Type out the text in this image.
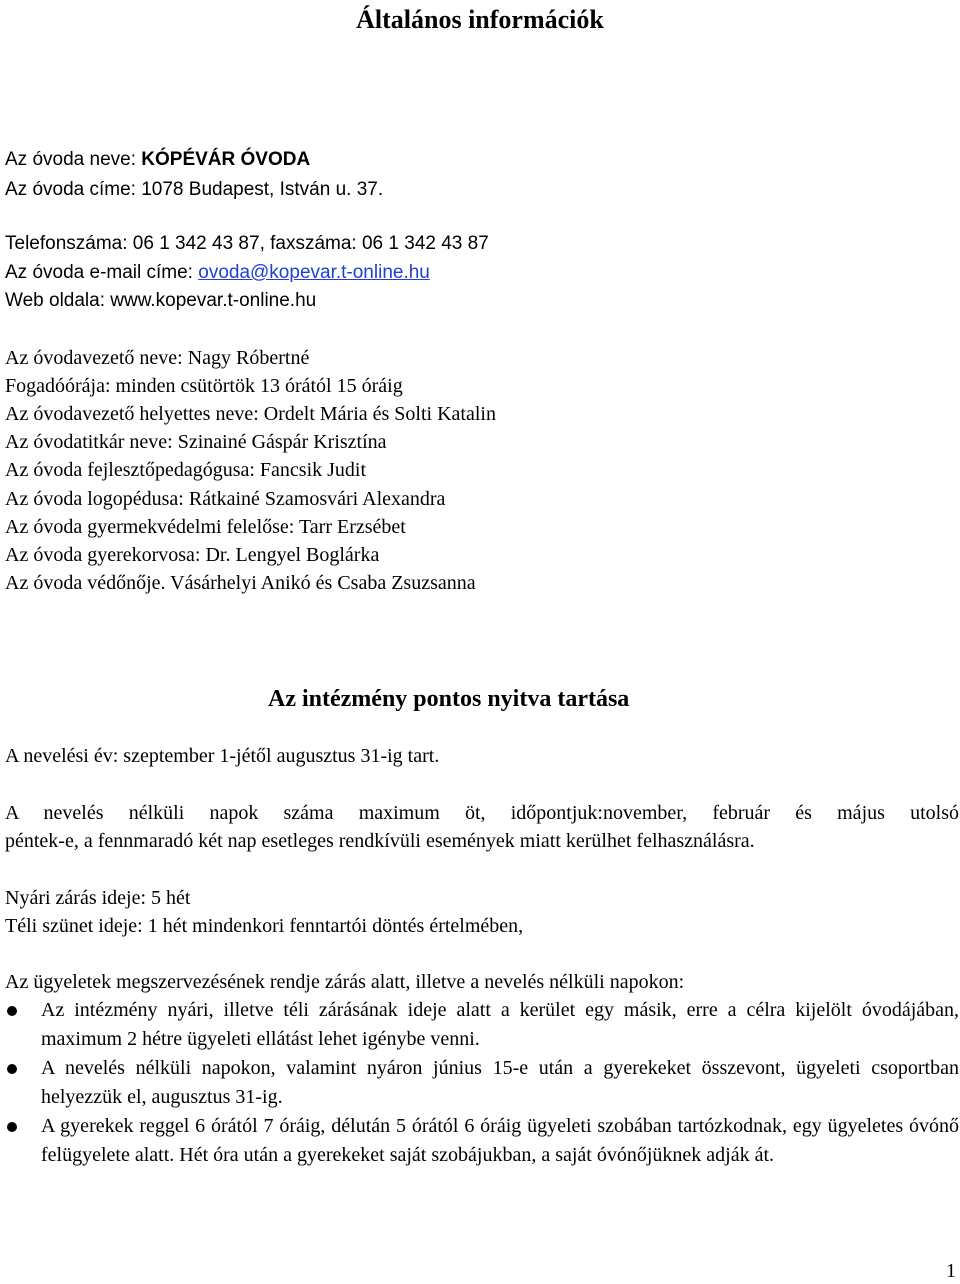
Általános információk
Az óvoda neve: KÓPÉVÁR ÓVODA
Az óvoda címe: 1078 Budapest, István u. 37.
Telefonszáma: 06 1 342 43 87, faxszáma: 06 1 342 43 87
Az óvoda e-mail címe: ovoda@kopevar.t-online.hu
Web oldala: www.kopevar.t-online.hu
Az óvodavezető neve: Nagy Róbertné
Fogadóórája: minden csütörtök 13 órától 15 óráig
Az óvodavezető helyettes neve: Ordelt Mária és Solti Katalin
Az óvodatitkár neve: Szinainé Gáspár Krisztína
Az óvoda fejlesztőpedagógusa: Fancsik Judit
Az óvoda logopédusa: Rátkainé Szamosvári Alexandra
Az óvoda gyermekvédelmi felelőse: Tarr Erzsébet
Az óvoda gyerekorvosa: Dr. Lengyel Boglárka
Az óvoda védőnője. Vásárhelyi Anikó és Csaba Zsuzsanna
Az intézmény pontos nyitva tartása
A nevelési év: szeptember 1-jétől augusztus 31-ig tart.
A nevelés nélküli napok száma maximum öt, időpontjuk:november, február és május utolsó
péntek-e, a fennmaradó két nap esetleges rendkívüli események miatt kerülhet felhasználásra.
Nyári zárás ideje: 5 hét
Téli szünet ideje: 1 hét mindenkori fenntartói döntés értelmében,
Az ügyeletek megszervezésének rendje zárás alatt, illetve a nevelés nélküli napokon:
Az intézmény nyári, illetve téli zárásának ideje alatt a kerület egy másik, erre a célra kijelölt óvodájában, maximum 2 hétre ügyeleti ellátást lehet igénybe venni.
A nevelés nélküli napokon, valamint nyáron június 15-e után a gyerekeket összevont, ügyeleti csoportban helyezzük el, augusztus 31-ig.
A gyerekek reggel 6 órától 7 óráig, délután 5 órától 6 óráig ügyeleti szobában tartózkodnak, egy ügyeletes óvónő felügyelete alatt. Hét óra után a gyerekeket saját szobájukban, a saját óvónőjüknek adják át.
1
